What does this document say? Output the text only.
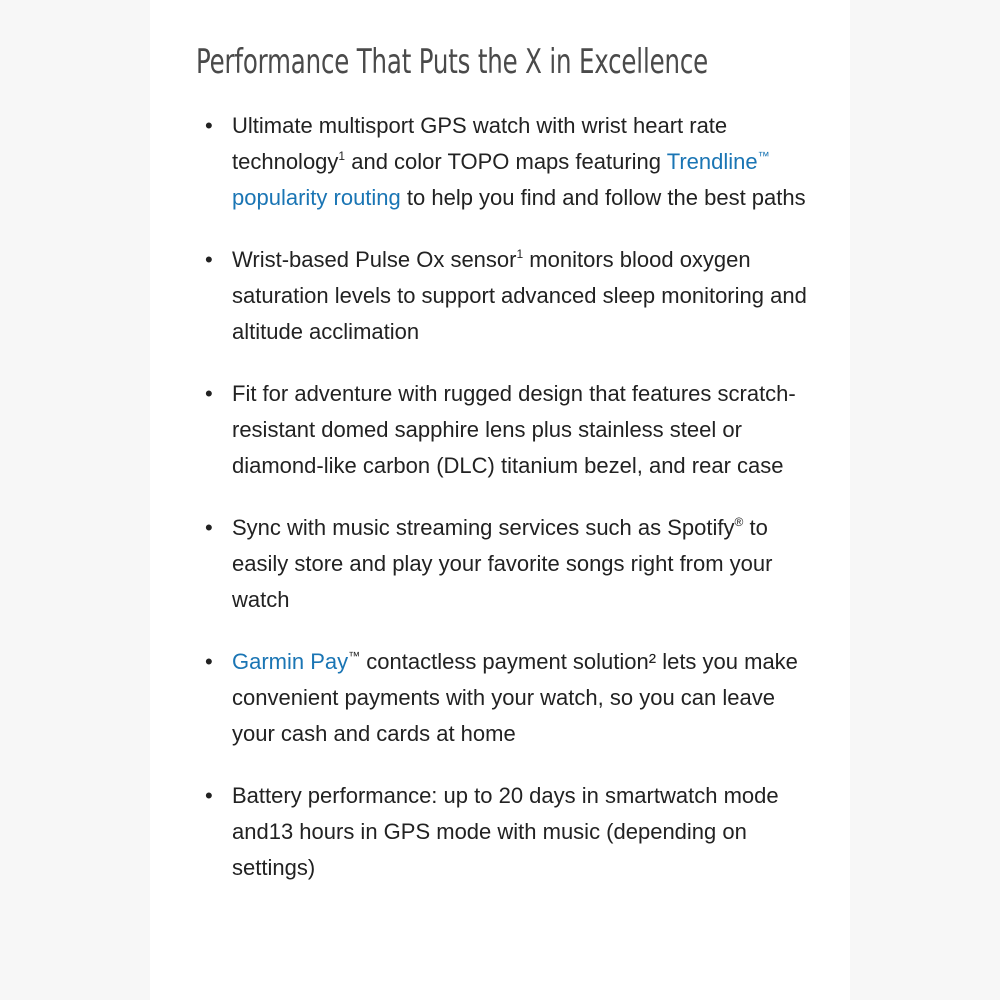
Performance That Puts the X in Excellence
• Ultimate multisport GPS watch with wrist heart rate technology$^1$ and color TOPO maps featuring Trendline™
popularity routing to help you find and follow the best paths
• Wrist-based Pulse Ox sensor$^1$ monitors blood oxygen saturation levels to support advanced sleep monitoring and altitude acclimation
• Fit for adventure with rugged design that features scratch-resistant domed sapphire lens plus stainless steel or diamond-like carbon (DLC) titanium bezel, and rear case
• Sync with music streaming services such as Spotify® to easily store and play your favorite songs right from your watch
• Garmin Pay™ contactless payment solution² lets you make convenient payments with your watch, so you can leave your cash and cards at home
• Battery performance: up to 20 days in smartwatch mode and13 hours in GPS mode with music (depending on settings)
